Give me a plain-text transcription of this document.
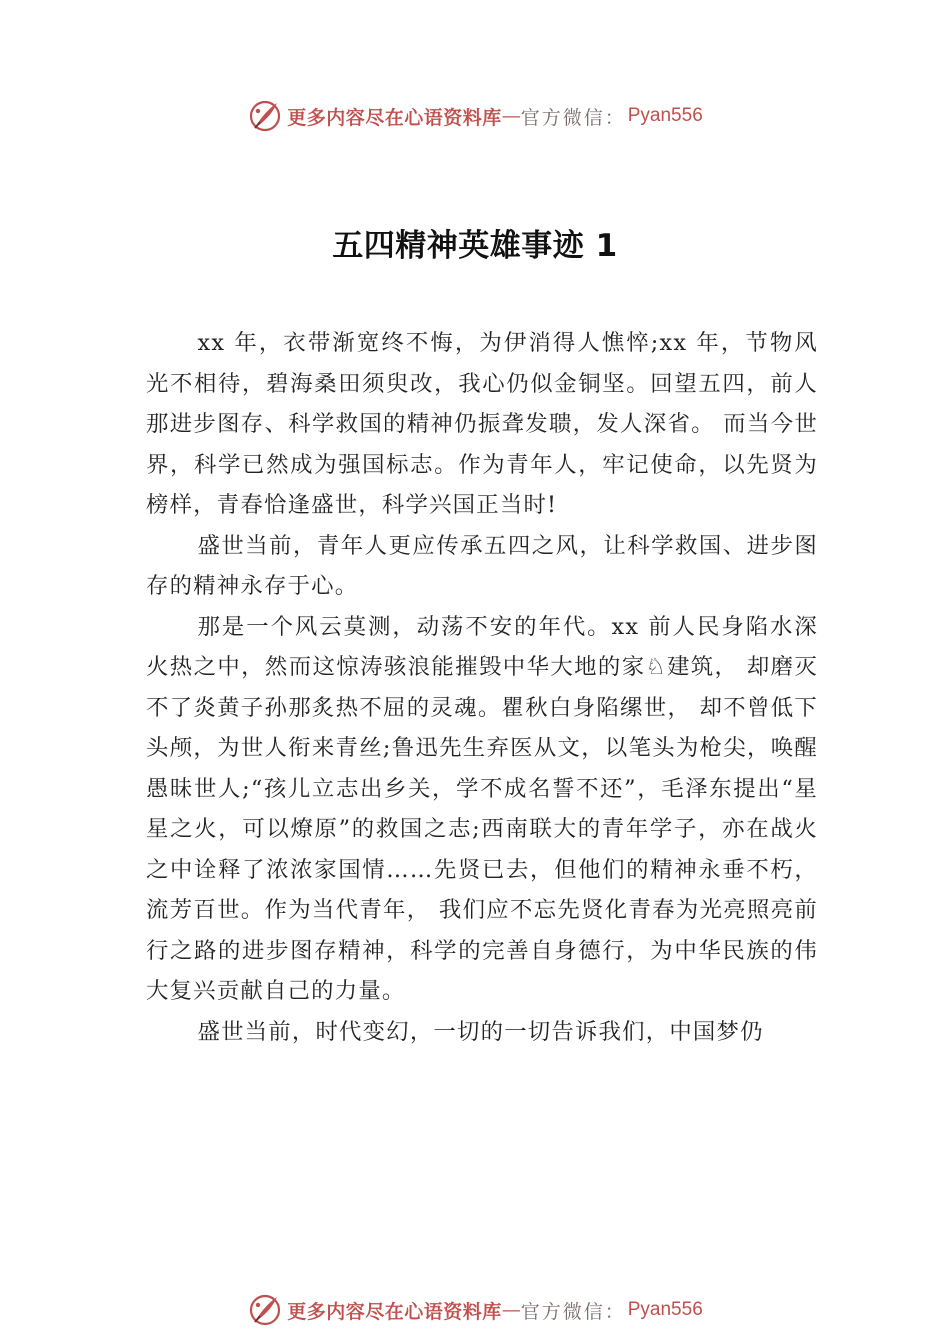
更多内容尽在心语资料库 — 官方微信： Pyan556
五四精神英雄事迹 1

xx 年，衣带渐宽终不悔，为伊消得人憔悴;xx 年，节物风光不相待，碧海桑田须臾改，我心仍似金铜坚。回望五四，前人那进步图存、科学救国的精神仍振聋发聩，发人深省。 而当今世界，科学已然成为强国标志。作为青年人，牢记使命，以先贤为榜样，青春恰逢盛世，科学兴国正当时!

盛世当前，青年人更应传承五四之风，让科学救国、进步图存的精神永存于心。

那是一个风云莫测，动荡不安的年代。xx 前人民身陷水深火热之中，然而这惊涛骇浪能摧毁中华大地的家♘建筑， 却磨灭不了炎黄子孙那炙热不屈的灵魂。瞿秋白身陷缧世， 却不曾低下头颅，为世人衔来青丝;鲁迅先生弃医从文，以笔头为枪尖，唤醒愚昧世人;“孩儿立志出乡关，学不成名誓不还”，毛泽东提出“星星之火，可以燎原”的救国之志;西南联大的青年学子，亦在战火之中诠释了浓浓家国情……先贤已去，但他们的精神永垂不朽，流芳百世。作为当代青年， 我们应不忘先贤化青春为光亮照亮前行之路的进步图存精神，科学的完善自身德行，为中华民族的伟大复兴贡献自己的力量。

盛世当前，时代变幻，一切的一切告诉我们，中国梦仍

更多内容尽在心语资料库 — 官方微信： Pyan556
